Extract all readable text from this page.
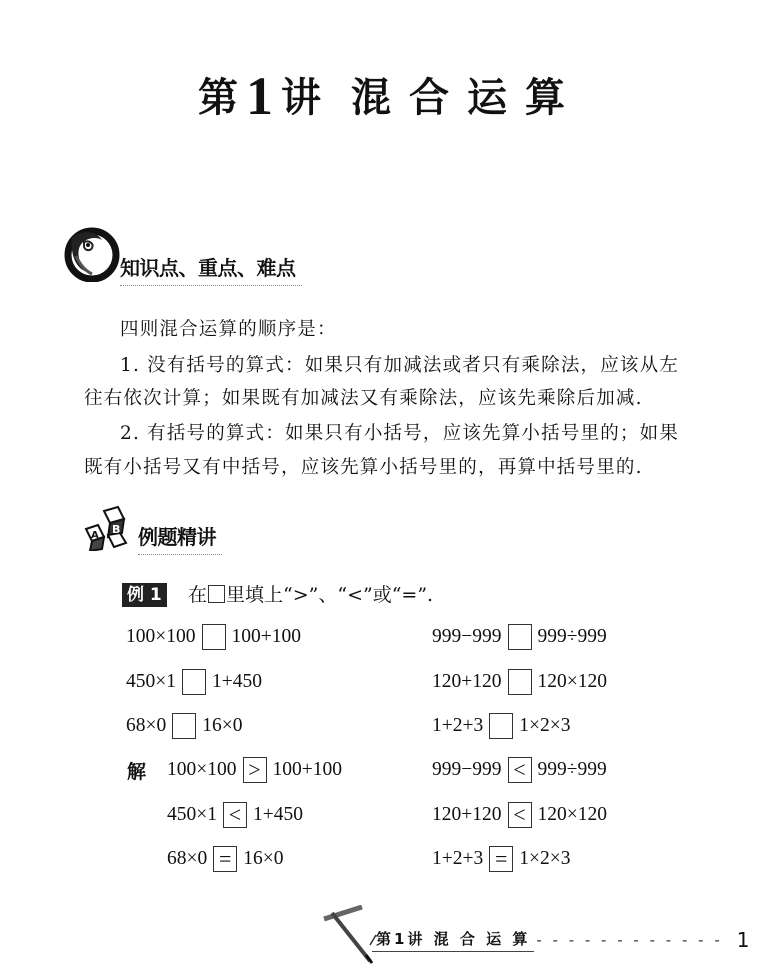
第 1 讲 混合运算
知识点、重点、难点
四则混合运算的顺序是：
1. 没有括号的算式：如果只有加减法或者只有乘除法，应该从左
往右依次计算；如果既有加减法又有乘除法，应该先乘除后加减.
2. 有括号的算式：如果只有小括号，应该先算小括号里的；如果
既有小括号又有中括号，应该先算小括号里的，再算中括号里的.
B
A 例题精讲
例 1 在 里填上“>”、“<”或“=”.
100×100 100+100	999−999 999÷999
450×1 1+450	120+120 120×120
68×0 16×0	1+2+3 1×2×3
解 100×100 > 100+100	999−999 < 999÷999
450×1 < 1+450	120+120 < 120×120
68×0 = 16×0	1+2+3 = 1×2×3
第1讲 混 合 运 算 - - - - - - - - - - - - 1
